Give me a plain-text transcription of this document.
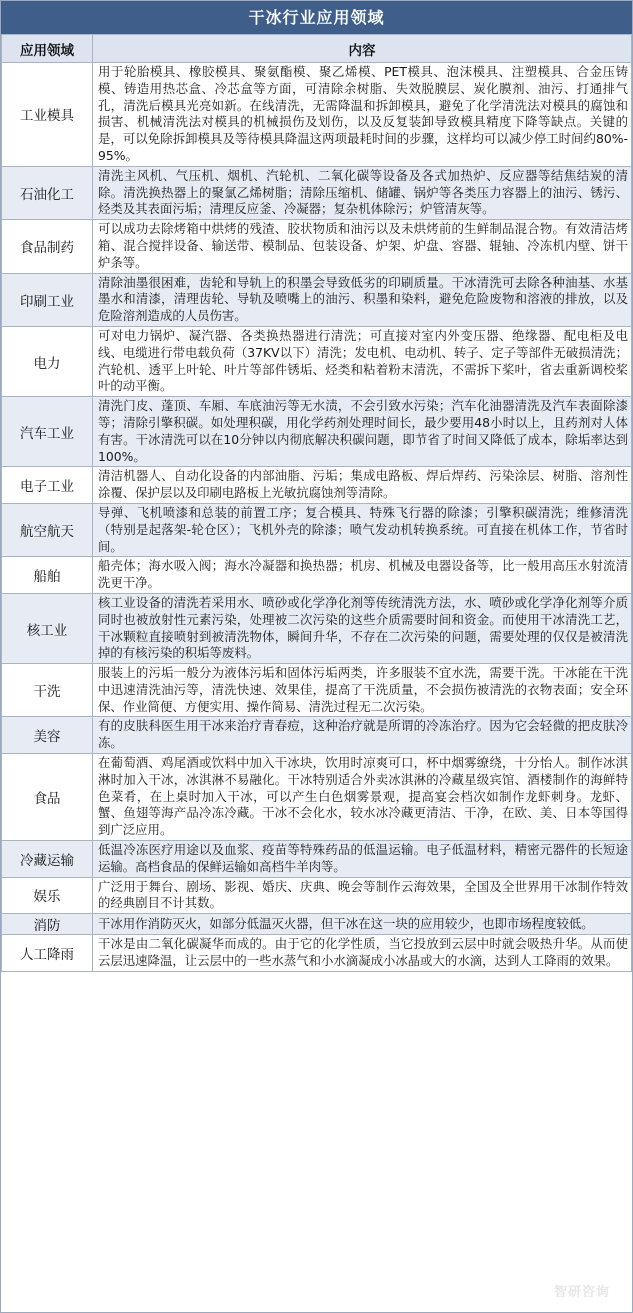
干冰行业应用领域
应用领域	内容
工业模具	用于轮胎模具、橡胶模具、聚氨酯模、聚乙烯模、PET模具、泡沫模具、注塑模具、合金压铸模、铸造用热芯盒、冷芯盒等方面，可清除余树脂、失效脱膜层、炭化膜剂、油污、打通排气孔，清洗后模具光亮如新。在线清洗，无需降温和拆卸模具，避免了化学清洗法对模具的腐蚀和损害、机械清洗法对模具的机械损伤及划伤，以及反复装卸导致模具精度下降等缺点。关键的是，可以免除拆卸模具及等待模具降温这两项最耗时间的步骤，这样均可以减少停工时间约80%-95%。
石油化工	清洗主风机、气压机、烟机、汽轮机、二氧化碳等设备及各式加热炉、反应器等结焦结炭的清除。清洗换热器上的聚氯乙烯树脂；清除压缩机、储罐、锅炉等各类压力容器上的油污、锈污、烃类及其表面污垢；清理反应釜、冷凝器；复杂机体除污；炉管清灰等。
食品制药	可以成功去除烤箱中烘烤的残渣、胶状物质和油污以及未烘烤前的生鲜制品混合物。有效清洁烤箱、混合搅拌设备、输送带、模制品、包装设备、炉架、炉盘、容器、辊轴、冷冻机内壁、饼干炉条等。
印刷工业	清除油墨很困难，齿轮和导轨上的积墨会导致低劣的印刷质量。干冰清洗可去除各种油基、水基墨水和清漆，清理齿轮、导轨及喷嘴上的油污、积墨和染料，避免危险废物和溶液的排放，以及危险溶剂造成的人员伤害。
电力	可对电力锅炉、凝汽器、各类换热器进行清洗；可直接对室内外变压器、绝缘器、配电柜及电线、电缆进行带电载负荷（37KV以下）清洗；发电机、电动机、转子、定子等部件无破损清洗；汽轮机、透平上叶轮、叶片等部件锈垢、烃类和粘着粉末清洗，不需拆下桨叶，省去重新调校桨叶的动平衡。
汽车工业	清洗门皮、蓬顶、车厢、车底油污等无水渍，不会引致水污染；汽车化油器清洗及汽车表面除漆等；清除引擎积碳。如处理积碳，用化学药剂处理时间长，最少要用48小时以上，且药剂对人体有害。干冰清洗可以在10分钟以内彻底解决积碳问题，即节省了时间又降低了成本，除垢率达到100%。
电子工业	清洁机器人、自动化设备的内部油脂、污垢；集成电路板、焊后焊药、污染涂层、树脂、溶剂性涂覆、保护层以及印刷电路板上光敏抗腐蚀剂等清除。
航空航天	导弹、飞机喷漆和总装的前置工序；复合模具、特殊飞行器的除漆；引擎积碳清洗；维修清洗（特别是起落架-轮仓区）；飞机外壳的除漆；喷气发动机转换系统。可直接在机体工作，节省时间。
船舶	船壳体；海水吸入阀；海水冷凝器和换热器；机房、机械及电器设备等，比一般用高压水射流清洗更干净。
核工业	核工业设备的清洗若采用水、喷砂或化学净化剂等传统清洗方法，水、喷砂或化学净化剂等介质同时也被放射性元素污染，处理被二次污染的这些介质需要时间和资金。而使用干冰清洗工艺，干冰颗粒直接喷射到被清洗物体，瞬间升华，不存在二次污染的问题，需要处理的仅仅是被清洗掉的有核污染的积垢等废料。
干洗	服装上的污垢一般分为液体污垢和固体污垢两类，许多服装不宜水洗，需要干洗。干冰能在干洗中迅速清洗油污等，清洗快速、效果佳，提高了干洗质量，不会损伤被清洗的衣物表面；安全环保、作业简便、方便实用、操作简易、清洗过程无二次污染。
美容	有的皮肤科医生用干冰来治疗青春痘，这种治疗就是所谓的冷冻治疗。因为它会轻微的把皮肤冷冻。
食品	在葡萄酒、鸡尾酒或饮料中加入干冰块，饮用时凉爽可口，杯中烟雾缭绕，十分怡人。制作冰淇淋时加入干冰，冰淇淋不易融化。干冰特别适合外卖冰淇淋的冷藏星级宾馆、酒楼制作的海鲜特色菜肴，在上桌时加入干冰，可以产生白色烟雾景观，提高宴会档次如制作龙虾刺身。龙虾、蟹、鱼翅等海产品冷冻冷藏。干冰不会化水，较水冰冷藏更清洁、干净，在欧、美、日本等国得到广泛应用。
冷藏运输	低温冷冻医疗用途以及血浆、疫苗等特殊药品的低温运输。电子低温材料，精密元器件的长短途运输。高档食品的保鲜运输如高档牛羊肉等。
娱乐	广泛用于舞台、剧场、影视、婚庆、庆典、晚会等制作云海效果，全国及全世界用干冰制作特效的经典剧目不计其数。
消防	干冰用作消防灭火，如部分低温灭火器，但干冰在这一块的应用较少，也即市场程度较低。
人工降雨	干冰是由二氧化碳凝华而成的。由于它的化学性质，当它投放到云层中时就会吸热升华。从而使云层迅速降温，让云层中的一些水蒸气和小水滴凝成小冰晶或大的水滴，达到人工降雨的效果。
智研咨询
